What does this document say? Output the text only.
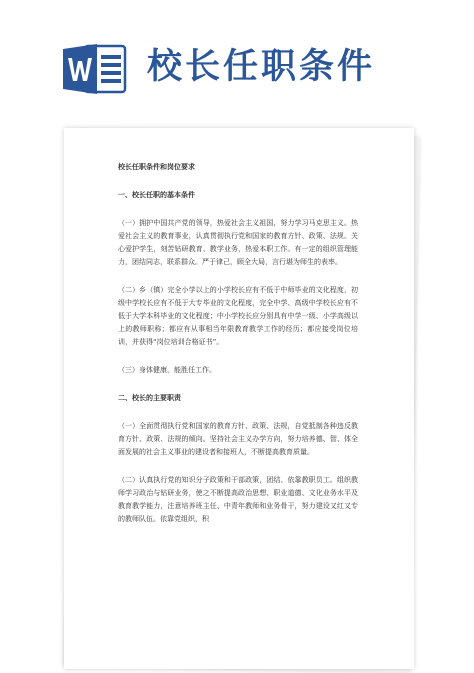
校长任职条件
校长任职条件和岗位要求
一、校长任职的基本条件
（一）拥护中国共产党的领导，热爱社会主义祖国，努力学习马克思主义。热爱社会主义的教育事业，认真贯彻执行党和国家的教育方针、政策、法规。关心爱护学生，刻苦钻研教育、教学业务，热爱本职工作。有一定的组织管理能力，团结同志，联系群众。严于律己，顾全大局，言行堪为师生的表率。
（二）乡（镇）完全小学以上的小学校长应有不低于中师毕业的文化程度，初级中学校长应有不低于大专毕业的文化程度，完全中学、高级中学校长应有不低于大学本科毕业的文化程度；中小学校长应分别具有中学一级、小学高级以上的教师职称；都应有从事相当年限教育教学工作的经历；都应接受岗位培训，并获得“岗位培训合格证书”。
（三）身体健康，能胜任工作。
二、校长的主要职责
（一）全面贯彻执行党和国家的教育方针、政策、法规，自觉抵制各种违反教育方针、政策、法规的倾向。坚持社会主义办学方向，努力培养德、智、体全面发展的社会主义事业的建设者和接班人，不断提高教育质量。
（二）认真执行党的知识分子政策和干部政策，团结、依靠教职员工。组织教师学习政治与钻研业务，使之不断提高政治思想、职业道德、文化业务水平及教育教学能力，注意培养班主任、中青年教师和业务骨干，努力建设又红又专的教师队伍。依靠党组织，积
